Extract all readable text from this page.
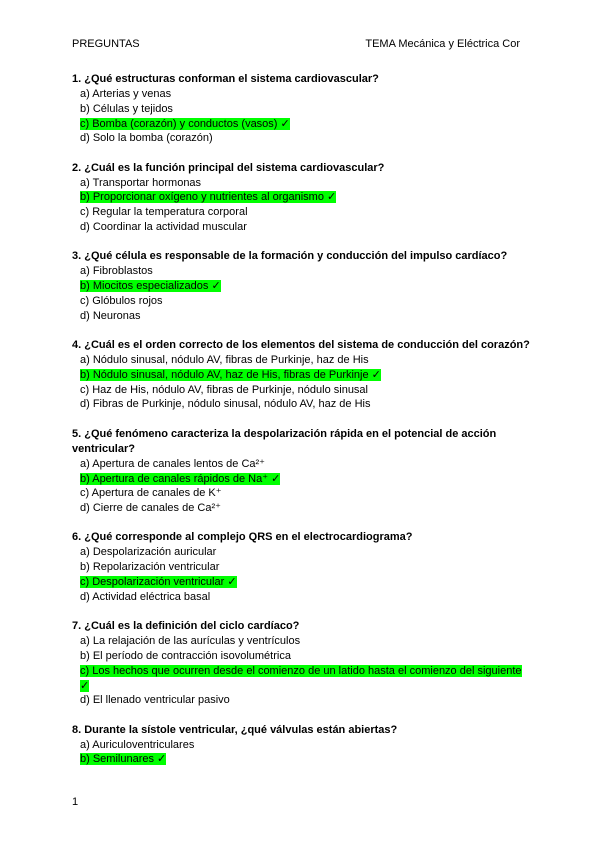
PREGUNTAS	TEMA Mecánica y Eléctrica Cor
1. ¿Qué estructuras conforman el sistema cardiovascular?
a) Arterias y venas
b) Células y tejidos
c) Bomba (corazón) y conductos (vasos) ✓
d) Solo la bomba (corazón)
2. ¿Cuál es la función principal del sistema cardiovascular?
a) Transportar hormonas
b) Proporcionar oxígeno y nutrientes al organismo ✓
c) Regular la temperatura corporal
d) Coordinar la actividad muscular
3. ¿Qué célula es responsable de la formación y conducción del impulso cardíaco?
a) Fibroblastos
b) Miocitos especializados ✓
c) Glóbulos rojos
d) Neuronas
4. ¿Cuál es el orden correcto de los elementos del sistema de conducción del corazón?
a) Nódulo sinusal, nódulo AV, fibras de Purkinje, haz de His
b) Nódulo sinusal, nódulo AV, haz de His, fibras de Purkinje ✓
c) Haz de His, nódulo AV, fibras de Purkinje, nódulo sinusal
d) Fibras de Purkinje, nódulo sinusal, nódulo AV, haz de His
5. ¿Qué fenómeno caracteriza la despolarización rápida en el potencial de acción ventricular?
a) Apertura de canales lentos de Ca²⁺
b) Apertura de canales rápidos de Na⁺ ✓
c) Apertura de canales de K⁺
d) Cierre de canales de Ca²⁺
6. ¿Qué corresponde al complejo QRS en el electrocardiograma?
a) Despolarización auricular
b) Repolarización ventricular
c) Despolarización ventricular ✓
d) Actividad eléctrica basal
7. ¿Cuál es la definición del ciclo cardíaco?
a) La relajación de las aurículas y ventrículos
b) El período de contracción isovolumétrica
c) Los hechos que ocurren desde el comienzo de un latido hasta el comienzo del siguiente ✓
d) El llenado ventricular pasivo
8. Durante la sístole ventricular, ¿qué válvulas están abiertas?
a) Auriculoventriculares
b) Semilunares ✓
1
